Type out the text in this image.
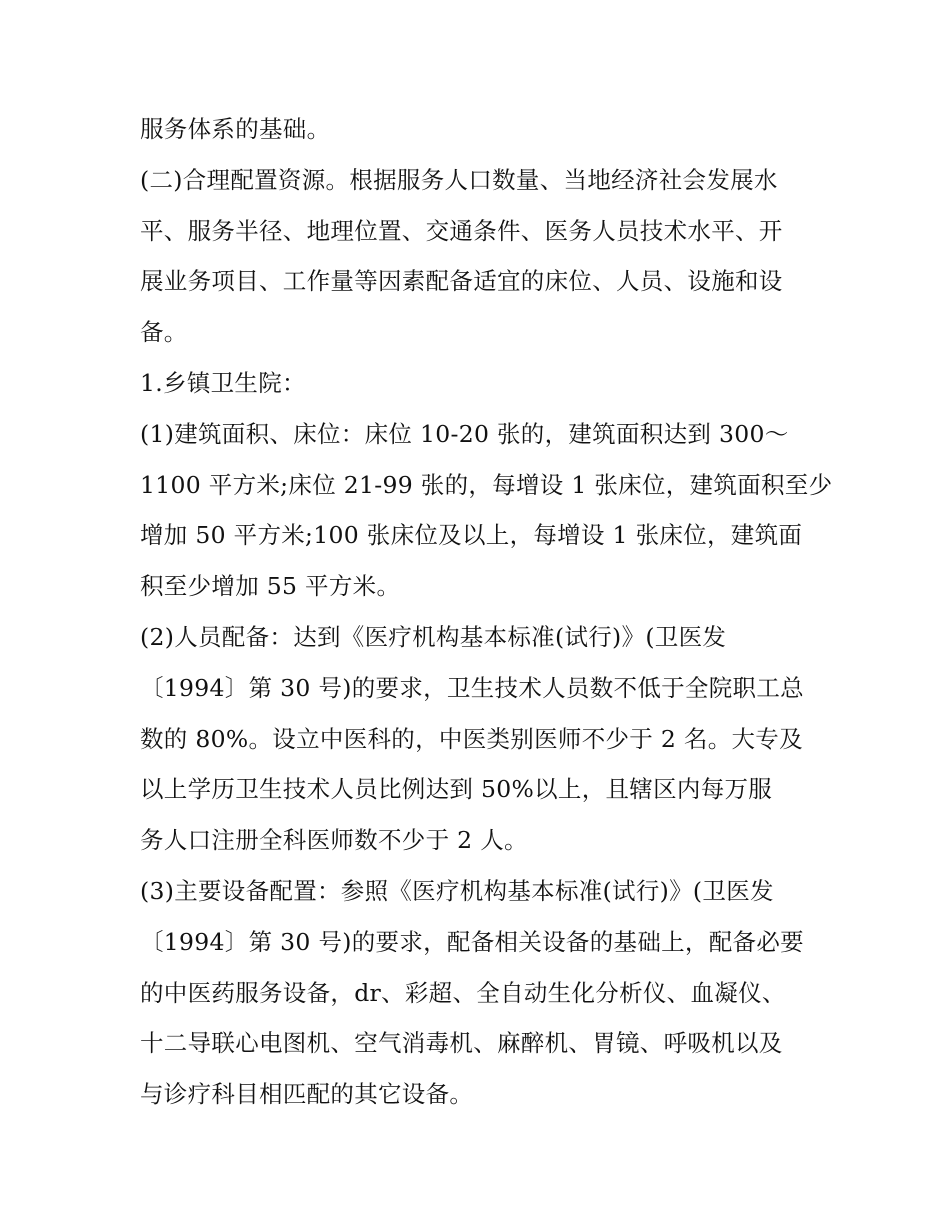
服务体系的基础。
(二)合理配置资源。根据服务人口数量、当地经济社会发展水
平、服务半径、地理位置、交通条件、医务人员技术水平、开
展业务项目、工作量等因素配备适宜的床位、人员、设施和设
备。
1.乡镇卫生院：
(1)建筑面积、床位：床位 10-20 张的，建筑面积达到 300～
1100 平方米;床位 21-99 张的，每增设 1 张床位，建筑面积至少
增加 50 平方米;100 张床位及以上，每增设 1 张床位，建筑面
积至少增加 55 平方米。
(2)人员配备：达到《医疗机构基本标准(试行)》(卫医发
〔1994〕第 30 号)的要求，卫生技术人员数不低于全院职工总
数的 80%。设立中医科的，中医类别医师不少于 2 名。大专及
以上学历卫生技术人员比例达到 50%以上，且辖区内每万服
务人口注册全科医师数不少于 2 人。
(3)主要设备配置：参照《医疗机构基本标准(试行)》(卫医发
〔1994〕第 30 号)的要求，配备相关设备的基础上，配备必要
的中医药服务设备，dr、彩超、全自动生化分析仪、血凝仪、
十二导联心电图机、空气消毒机、麻醉机、胃镜、呼吸机以及
与诊疗科目相匹配的其它设备。
